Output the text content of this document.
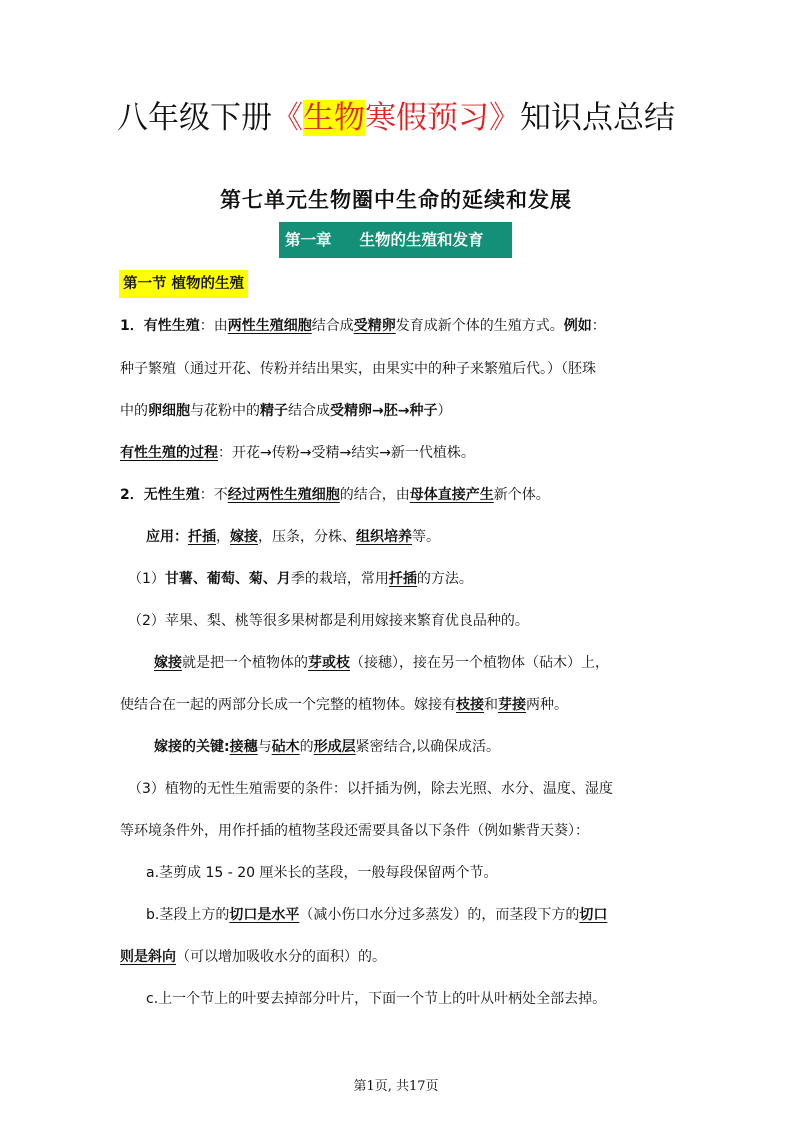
八年级下册《生物寒假预习》知识点总结
第七单元生物圈中生命的延续和发展
第一章 生物的生殖和发育
第一节 植物的生殖
1．有性生殖：由两性生殖细胞结合成受精卵发育成新个体的生殖方式。例如：
种子繁殖（通过开花、传粉并结出果实，由果实中的种子来繁殖后代。）（胚珠
中的卵细胞与花粉中的精子结合成受精卵→胚→种子）
有性生殖的过程：开花→传粉→受精→结实→新一代植株。
2．无性生殖：不经过两性生殖细胞的结合，由母体直接产生新个体。
应用：扦插，嫁接，压条，分株、组织培养等。
（1）甘薯、葡萄、菊、月季的栽培，常用扦插的方法。
（2）苹果、梨、桃等很多果树都是利用嫁接来繁育优良品种的。
嫁接就是把一个植物体的芽或枝（接穗），接在另一个植物体（砧木）上，
使结合在一起的两部分长成一个完整的植物体。嫁接有枝接和芽接两种。
嫁接的关键:接穗与砧木的形成层紧密结合,以确保成活。
（3）植物的无性生殖需要的条件：以扦插为例，除去光照、水分、温度、湿度
等环境条件外，用作扦插的植物茎段还需要具备以下条件（例如紫背天葵）：
a.茎剪成 15 - 20 厘米长的茎段，一般每段保留两个节。
b.茎段上方的切口是水平（减小伤口水分过多蒸发）的，而茎段下方的切口
则是斜向（可以增加吸收水分的面积）的。
c.上一个节上的叶要去掉部分叶片，下面一个节上的叶从叶柄处全部去掉。
第1页, 共17页
